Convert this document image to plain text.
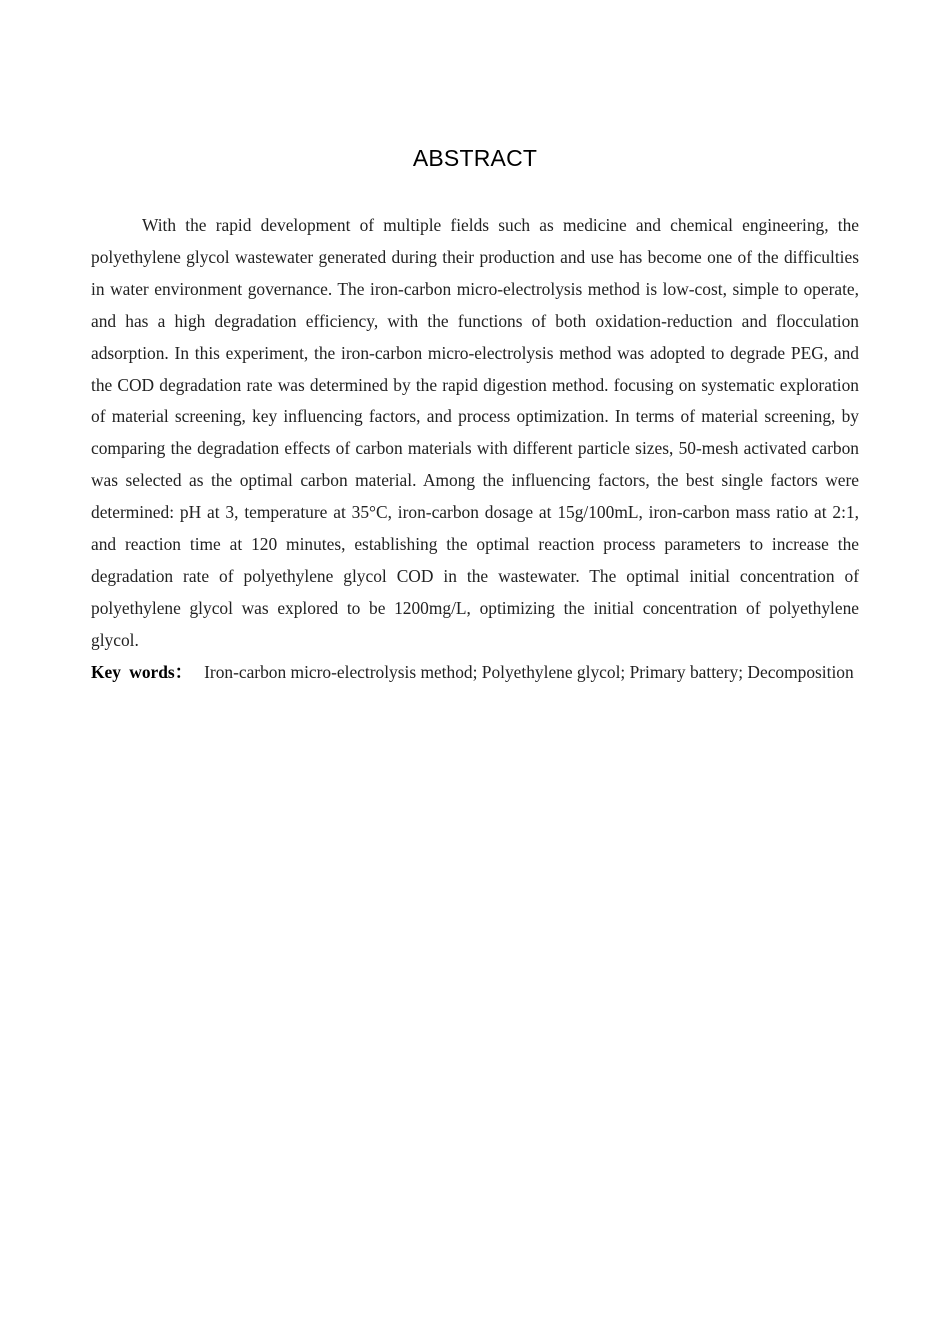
ABSTRACT

With the rapid development of multiple fields such as medicine and chemical engineering, the polyethylene glycol wastewater generated during their production and use has become one of the difficulties in water environment governance. The iron-carbon micro-electrolysis method is low-cost, simple to operate, and has a high degradation efficiency, with the functions of both oxidation-reduction and flocculation adsorption. In this experiment, the iron-carbon micro-electrolysis method was adopted to degrade PEG, and the COD degradation rate was determined by the rapid digestion method. focusing on systematic exploration of material screening, key influencing factors, and process optimization. In terms of material screening, by comparing the degradation effects of carbon materials with different particle sizes, 50-mesh activated carbon was selected as the optimal carbon material. Among the influencing factors, the best single factors were determined: pH at 3, temperature at 35°C, iron-carbon dosage at 15g/100mL, iron-carbon mass ratio at 2:1, and reaction time at 120 minutes, establishing the optimal reaction process parameters to increase the degradation rate of polyethylene glycol COD in the wastewater. The optimal initial concentration of polyethylene glycol was explored to be 1200mg/L, optimizing the initial concentration of polyethylene glycol.

Key words： Iron-carbon micro-electrolysis method; Polyethylene glycol; Primary battery; Decomposition
